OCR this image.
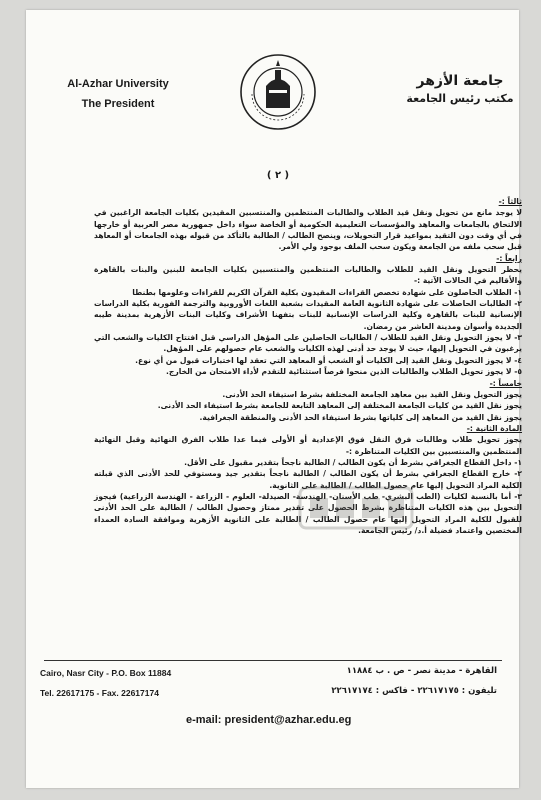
Al-Azhar University
The President
جامعة الأزهر
مكتب رئيس الجامعة
( ٢ )
ثالثاً :-
لا يوجد مانع من تحويل ونقل قيد الطلاب والطالبات المنتظمين والمنتسبين المقيدين بكليات الجامعة الراغبين في الالتحاق بالجامعات والمعاهد والمؤسسات التعليمية الحكومية أو الخاصة سواء داخل جمهورية مصر العربية أو خارجها في أي وقت دون التقيد بمواعيد قرار التحويلات، وينصح الطالب / الطالبة بالتأكد من قبوله بهذه الجامعات أو المعاهد قبل سحب ملفه من الجامعة ويكون سحب الملف بوجود ولي الأمر.
رابعاً :-
يحظر التحويل ونقل القيد للطلاب والطالبات المنتظمين والمنتسبين بكليات الجامعة للبنين والبنات بالقاهرة والأقاليم في الحالات الآتية :-
١- الطلاب الحاصلون على شهادة تخصص القراءات المقيدون بكلية القرآن الكريم للقراءات وعلومها بطنطا
٢- الطالبات الحاصلات على شهادة الثانوية العامة المقيدات بشعبة اللغات الأوروبية والترجمة الفورية بكلية الدراسات الإنسانية للبنات بالقاهرة وكلية الدراسات الإنسانية للبنات بتفهنا الأشراف وكليات البنات الأزهرية بمدينة طيبه الجديدة وأسوان ومدينة العاشر من رمضان.
٣- لا يجوز التحويل ونقل القيد للطلاب / الطالبات الحاصلين على المؤهل الدراسي قبل افتتاح الكليات والشعب التي يرغبون في التحويل إليها، حيث لا يوجد حد أدنى لهذه الكليات والشعب عام حصولهم على المؤهل.
٤- لا يجوز التحويل ونقل القيد إلى الكليات أو الشعب أو المعاهد التي تعقد لها اختبارات قبول من أي نوع.
٥- لا يجوز تحويل الطلاب والطالبات الذين منحوا فرصاً استثنائية للتقدم لأداء الامتحان من الخارج.
خامساً :-
يجوز التحويل ونقل القيد بين معاهد الجامعة المختلفة بشرط استيفاء الحد الأدنى.
يجوز نقل القيد من كليات الجامعة المختلفة إلى المعاهد التابعة للجامعة بشرط استيفاء الحد الأدنى.
يجوز نقل القيد من المعاهد إلى كلياتها بشرط استيفاء الحد الأدنى والمنطقة الجغرافية.
المادة الثانية :-
يجوز تحويل طلاب وطالبات فرق النقل فوق الإعدادية أو الأولى فيما عدا طلاب الفرق النهائية وقبل النهائية المنتظمين والمنتسبين بين الكليات المتناظرة :-
١- داخل القطاع الجغرافي بشرط أن يكون الطالب / الطالبة ناجحاً بتقدير مقبول على الأقل.
٢- خارج القطاع الجغرافي بشرط أن يكون الطالب / الطالبة ناجحاً بتقدير جيد ومستوفي للحد الأدنى الذي قبلته الكلية المراد التحويل إليها عام حصول الطالب / الطالبة على الثانوية.
٣- أما بالنسبة لكليات (الطب البشري- طب الأسنان- الهندسة- الصيدلة- العلوم - الزراعة - الهندسة الزراعية) فيجوز التحويل بين هذه الكليات المتناظرة بشرط الحصول على تقدير ممتاز وحصول الطالب / الطالبة على الحد الأدنى للقبول للكلية المراد التحويل إليها عام حصول الطالب / الطالبة على الثانوية الأزهرية وموافقة السادة العمداء المختصين واعتماد فضيلة أ.د/ رئيس الجامعة.
Cairo, Nasr City - P.O. Box 11884
Tel. 22617175 - Fax. 22617174
القاهرة - مدينة نصر - ص . ب ١١٨٨٤
تليفون : ٢٢٦١٧١٧٥ - فاكس : ٢٢٦١٧١٧٤
e-mail: president@azhar.edu.eg
